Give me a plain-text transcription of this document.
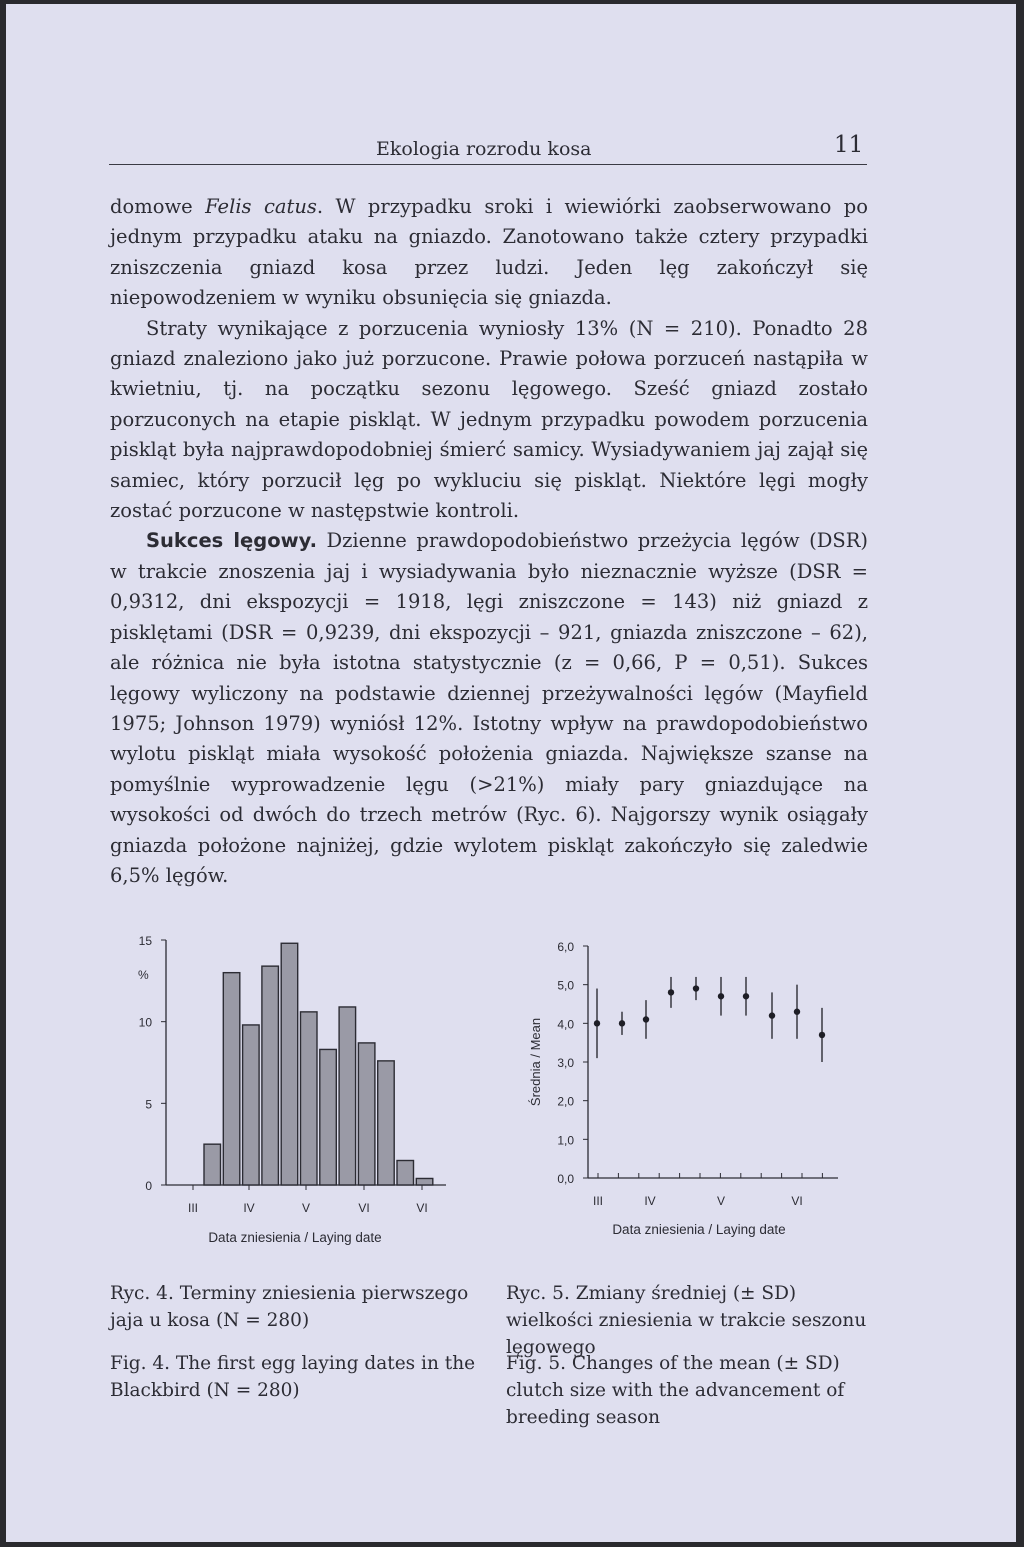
Ekologia rozrodu kosa	11

domowe Felis catus. W przypadku sroki i wiewiórki zaobserwowano po jednym przypadku ataku na gniazdo. Zanotowano także cztery przypadki zniszczenia gniazd kosa przez ludzi. Jeden lęg zakończył się niepowodzeniem w wyniku obsunięcia się gniazda.

Straty wynikające z porzucenia wyniosły 13% (N = 210). Ponadto 28 gniazd znaleziono jako już porzucone. Prawie połowa porzuceń nastąpiła w kwietniu, tj. na początku sezonu lęgowego. Sześć gniazd zostało porzuconych na etapie piskląt. W jednym przypadku powodem porzucenia piskląt była najprawdopodobniej śmierć samicy. Wysiadywaniem jaj zajął się samiec, który porzucił lęg po wykluciu się piskląt. Niektóre lęgi mogły zostać porzucone w następstwie kontroli.

Sukces lęgowy. Dzienne prawdopodobieństwo przeżycia lęgów (DSR) w trakcie znoszenia jaj i wysiadywania było nieznacznie wyższe (DSR = 0,9312, dni ekspozycji = 1918, lęgi zniszczone = 143) niż gniazd z pisklętami (DSR = 0,9239, dni ekspozycji – 921, gniazda zniszczone – 62), ale różnica nie była istotna statystycznie (z = 0,66, P = 0,51). Sukces lęgowy wyliczony na podstawie dziennej przeżywalności lęgów (Mayfield 1975; Johnson 1979) wyniósł 12%. Istotny wpływ na prawdopodobieństwo wylotu piskląt miała wysokość położenia gniazda. Największe szanse na pomyślnie wyprowadzenie lęgu (>21%) miały pary gniazdujące na wysokości od dwóch do trzech metrów (Ryc. 6). Najgorszy wynik osiągały gniazda położone najniżej, gdzie wylotem piskląt zakończyło się zaledwie 6,5% lęgów.

0
5
10
15
%
III	IV	V	VI	VI
Data zniesienia / Laying date
0,0
1,0
2,0
3,0
4,0
5,0
6,0
Średnia / Mean
III	IV	V	VI
Data zniesienia / Laying date
Ryc. 4. Terminy zniesienia pierwszego jaja u kosa (N = 280)
Fig. 4. The first egg laying dates in the Blackbird (N = 280)
Ryc. 5. Zmiany średniej (± SD) wielkości zniesienia w trakcie seszonu lęgowego
Fig. 5. Changes of the mean (± SD) clutch size with the advancement of breeding season
